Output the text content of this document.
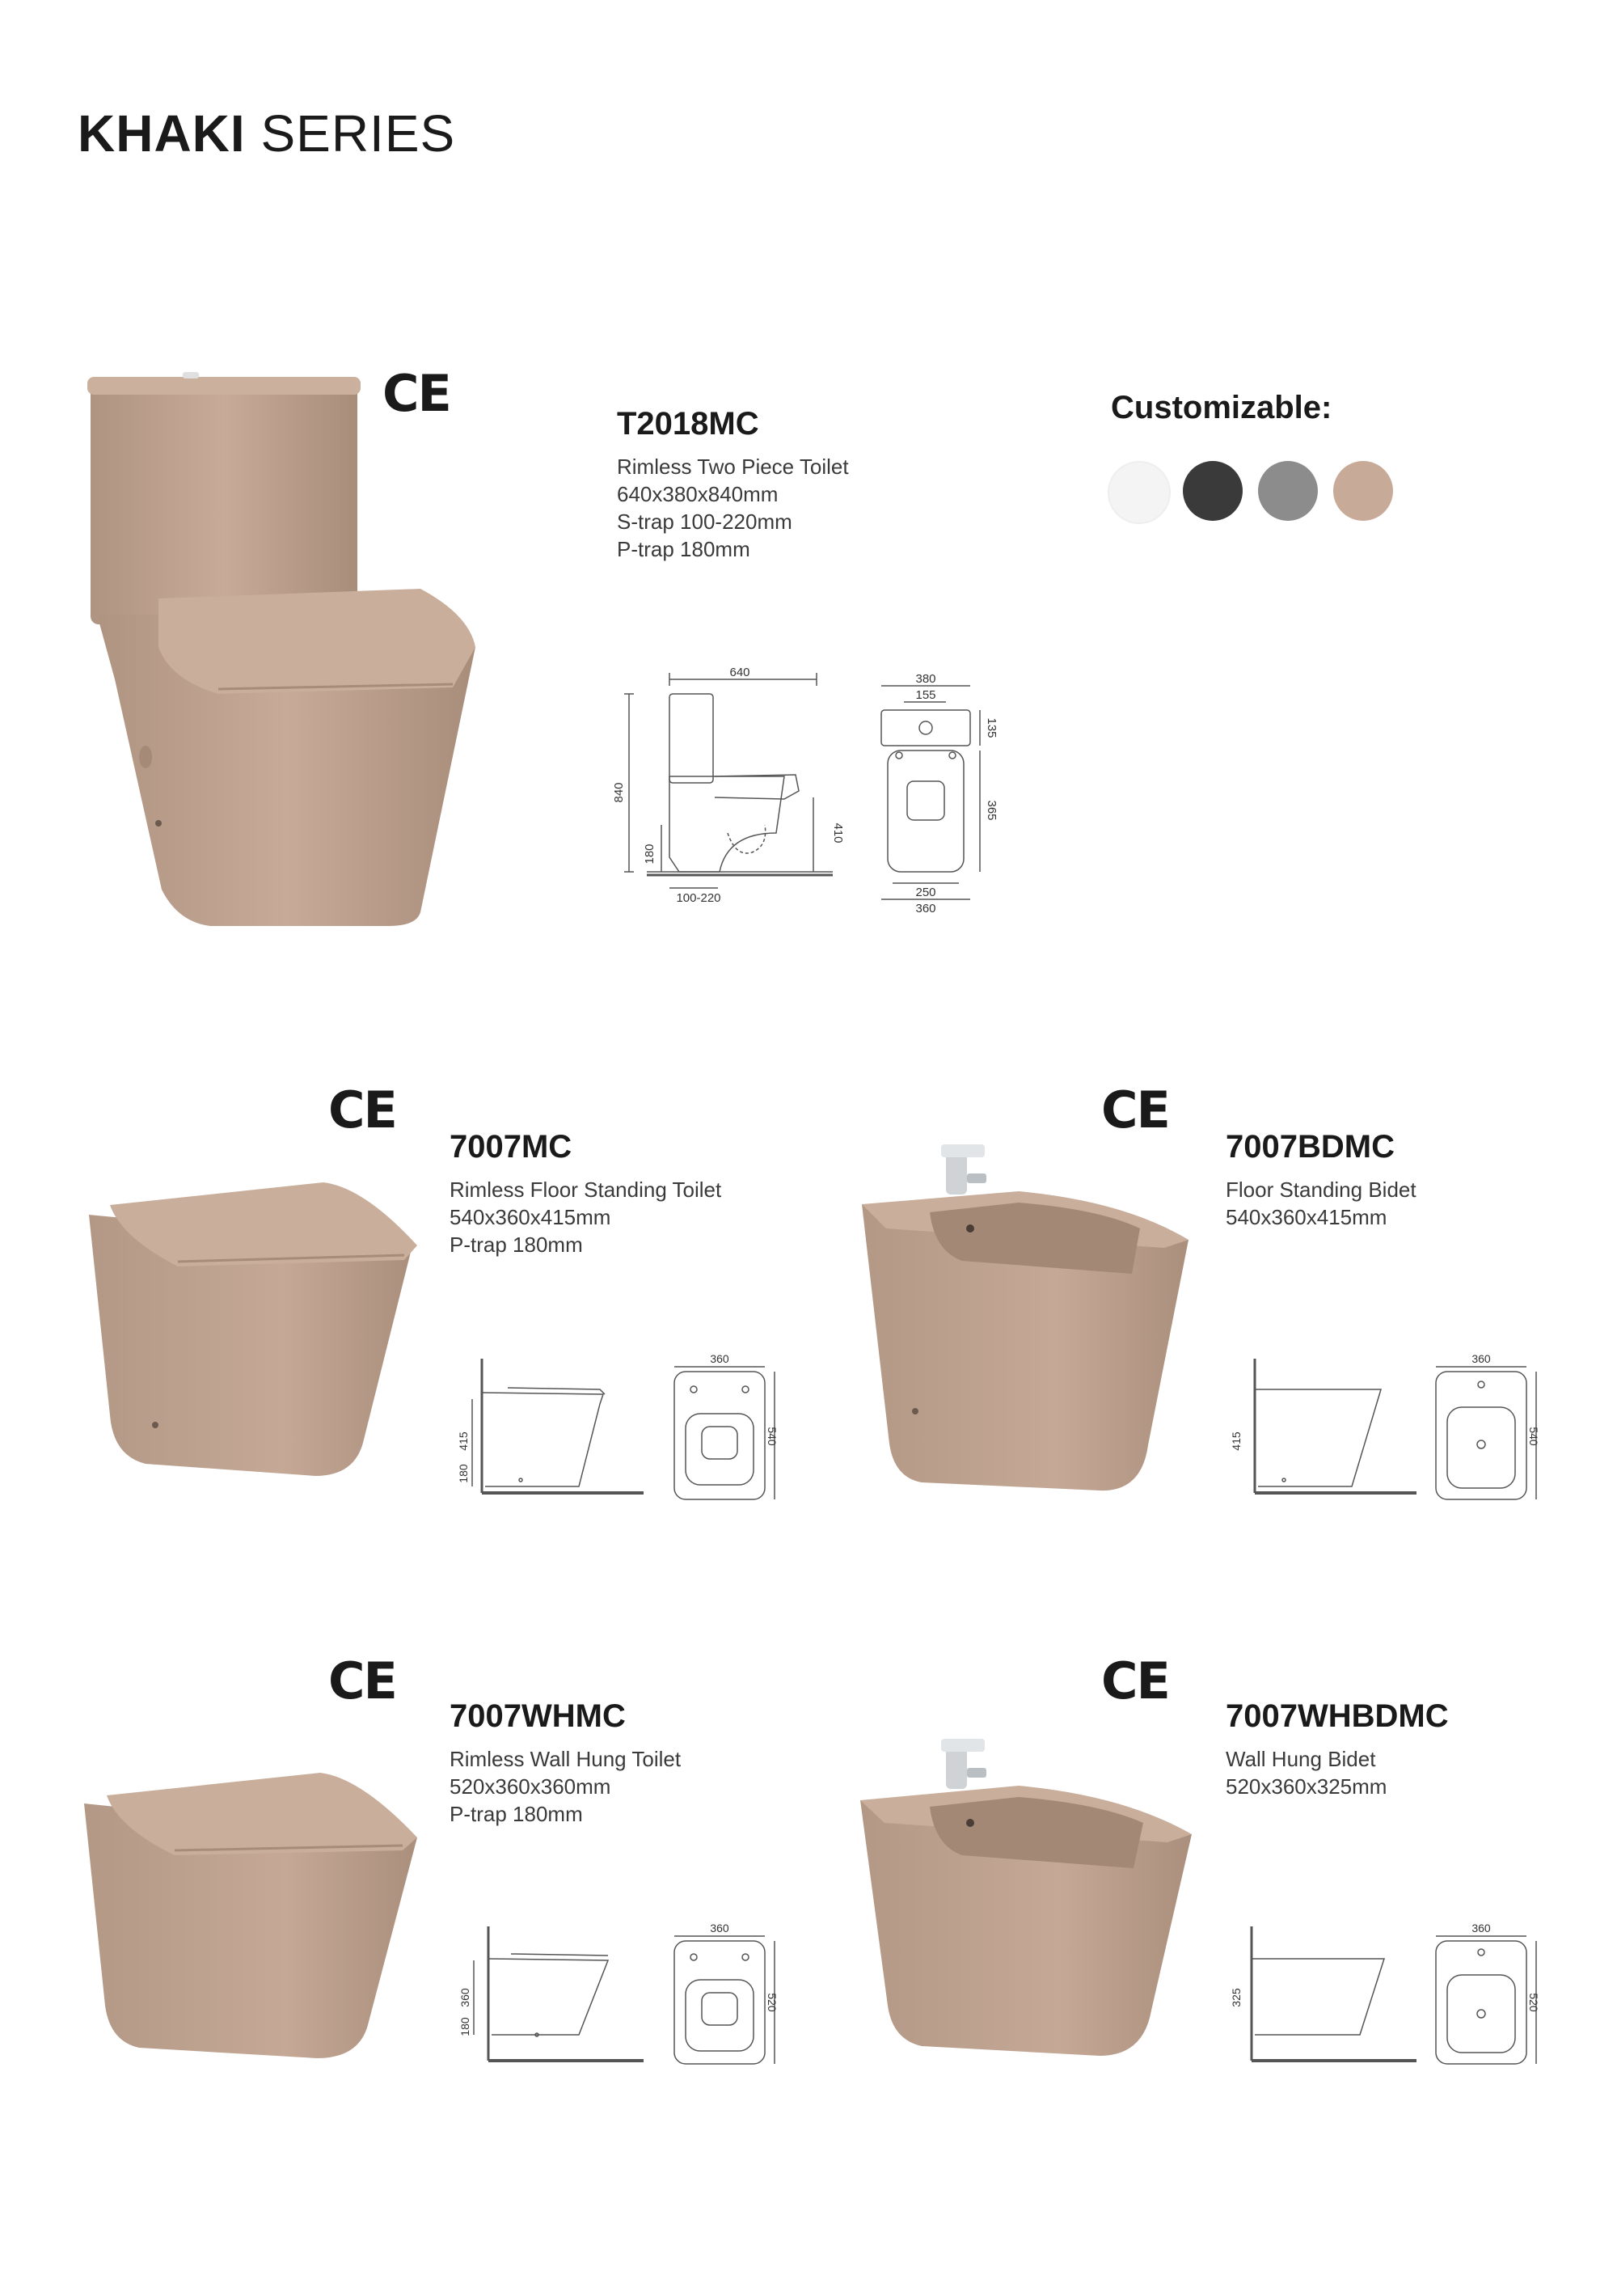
KHAKI SERIES
Customizable:
CE
T2018MC
Rimless Two Piece Toilet
640x380x840mm
S-trap 100-220mm
P-trap 180mm
640
840
410
180
100-220
380
155
135
365
250
360
CE
7007MC
Rimless Floor Standing Toilet
540x360x415mm
P-trap 180mm
415
180
360
540
CE
7007BDMC
Floor Standing Bidet
540x360x415mm
415
360
540
CE
7007WHMC
Rimless Wall Hung Toilet
520x360x360mm
P-trap 180mm
360
180
360
520
CE
7007WHBDMC
Wall Hung Bidet
520x360x325mm
325
360
520
